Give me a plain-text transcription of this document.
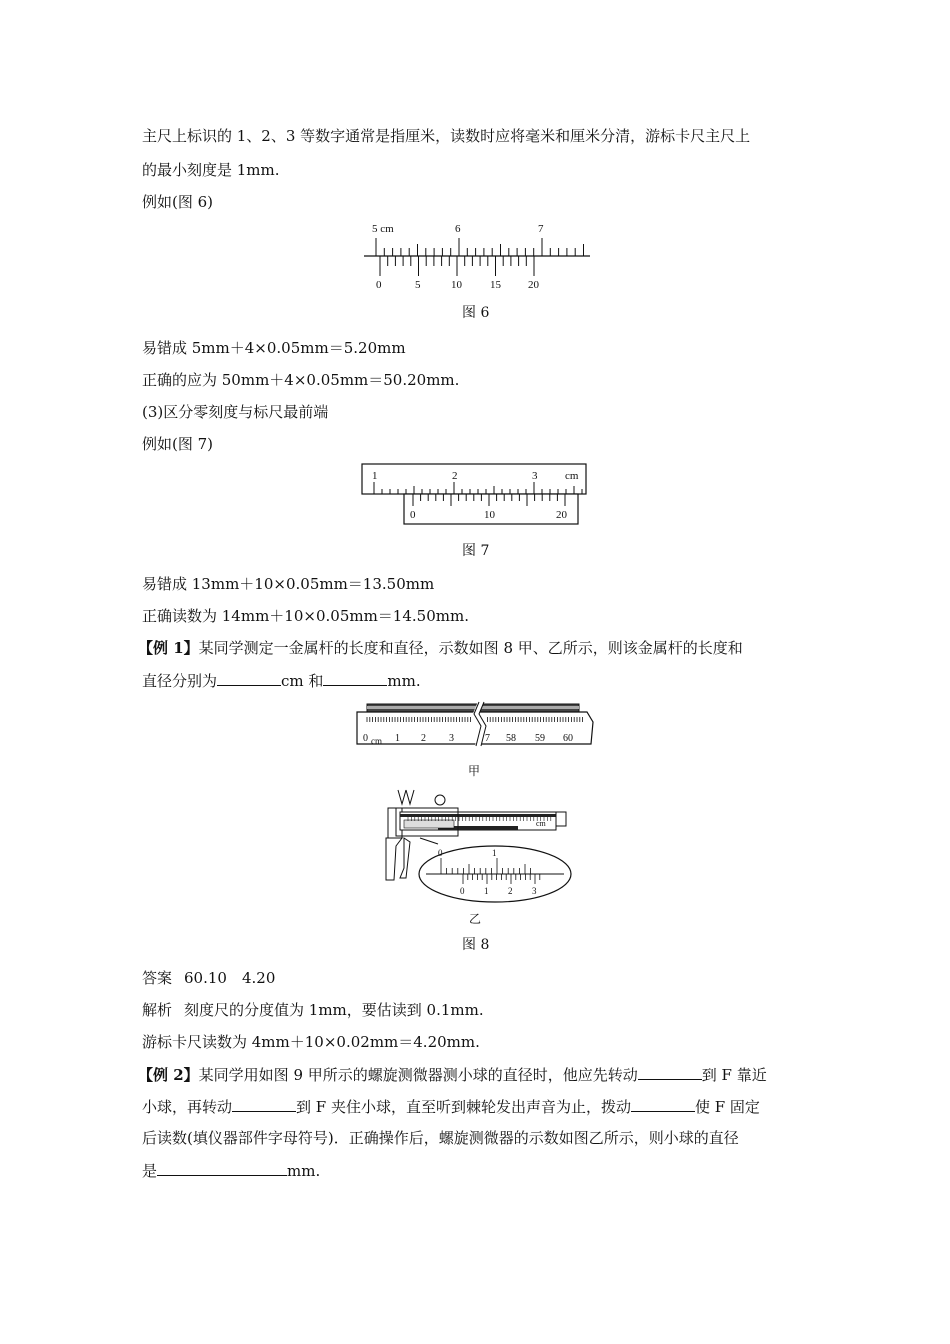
主尺上标识的 1、2、3 等数字通常是指厘米，读数时应将毫米和厘米分清，游标卡尺主尺上
的最小刻度是 1mm.
例如(图 6)
5 cm	6	7
0	5	10	15 20
图 6
易错成 5mm＋4×0.05mm＝5.20mm
正确的应为 50mm＋4×0.05mm＝50.20mm.
(3)区分零刻度与标尺最前端
例如(图 7)
1	2	3	cm
0	10	20
图 7
易错成 13mm＋10×0.05mm＝13.50mm
正确读数为 14mm＋10×0.05mm＝14.50mm.
【例 1】某同学测定一金属杆的长度和直径，示数如图 8 甲、乙所示，则该金属杆的长度和
直径分别为	cm 和	mm.
0 cm 1 2 3	7 58 59 60
甲
cm
0	1
0 1 2 3
乙
图 8
答案 60.10　4.20
解析 刻度尺的分度值为 1mm，要估读到 0.1mm.
游标卡尺读数为 4mm＋10×0.02mm＝4.20mm.
【例 2】某同学用如图 9 甲所示的螺旋测微器测小球的直径时，他应先转动	到 F 靠近
小球，再转动	到 F 夹住小球，直至听到棘轮发出声音为止，拨动	使 F 固定
后读数(填仪器部件字母符号)．正确操作后，螺旋测微器的示数如图乙所示，则小球的直径
是	mm.
